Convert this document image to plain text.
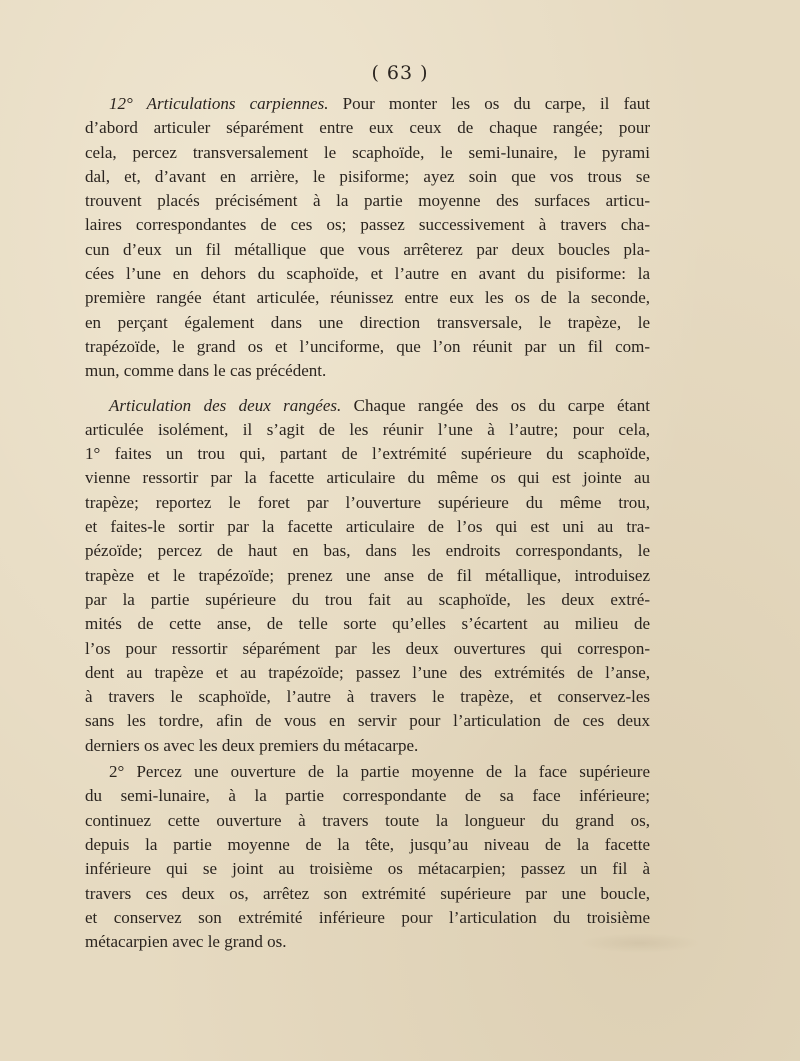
( 63 )
12° Articulations carpiennes. Pour monter les os du carpe, il faut
d’abord articuler séparément entre eux ceux de chaque rangée; pour
cela, percez transversalement le scaphoïde, le semi-lunaire, le pyrami
dal, et, d’avant en arrière, le pisiforme; ayez soin que vos trous se
trouvent placés précisément à la partie moyenne des surfaces articu-
laires correspondantes de ces os; passez successivement à travers cha-
cun d’eux un fil métallique que vous arrêterez par deux boucles pla-
cées l’une en dehors du scaphoïde, et l’autre en avant du pisiforme: la
première rangée étant articulée, réunissez entre eux les os de la seconde,
en perçant également dans une direction transversale, le trapèze, le
trapézoïde, le grand os et l’unciforme, que l’on réunit par un fil com-
mun, comme dans le cas précédent.
Articulation des deux rangées. Chaque rangée des os du carpe étant
articulée isolément, il s’agit de les réunir l’une à l’autre; pour cela,
1° faites un trou qui, partant de l’extrémité supérieure du scaphoïde,
vienne ressortir par la facette articulaire du même os qui est jointe au
trapèze; reportez le foret par l’ouverture supérieure du même trou,
et faites-le sortir par la facette articulaire de l’os qui est uni au tra-
pézoïde; percez de haut en bas, dans les endroits correspondants, le
trapèze et le trapézoïde; prenez une anse de fil métallique, introduisez
par la partie supérieure du trou fait au scaphoïde, les deux extré-
mités de cette anse, de telle sorte qu’elles s’écartent au milieu de
l’os pour ressortir séparément par les deux ouvertures qui correspon-
dent au trapèze et au trapézoïde; passez l’une des extrémités de l’anse,
à travers le scaphoïde, l’autre à travers le trapèze, et conservez-les
sans les tordre, afin de vous en servir pour l’articulation de ces deux
derniers os avec les deux premiers du métacarpe.
2° Percez une ouverture de la partie moyenne de la face supérieure
du semi-lunaire, à la partie correspondante de sa face inférieure;
continuez cette ouverture à travers toute la longueur du grand os,
depuis la partie moyenne de la tête, jusqu’au niveau de la facette
inférieure qui se joint au troisième os métacarpien; passez un fil à
travers ces deux os, arrêtez son extrémité supérieure par une boucle,
et conservez son extrémité inférieure pour l’articulation du troisième
métacarpien avec le grand os.
